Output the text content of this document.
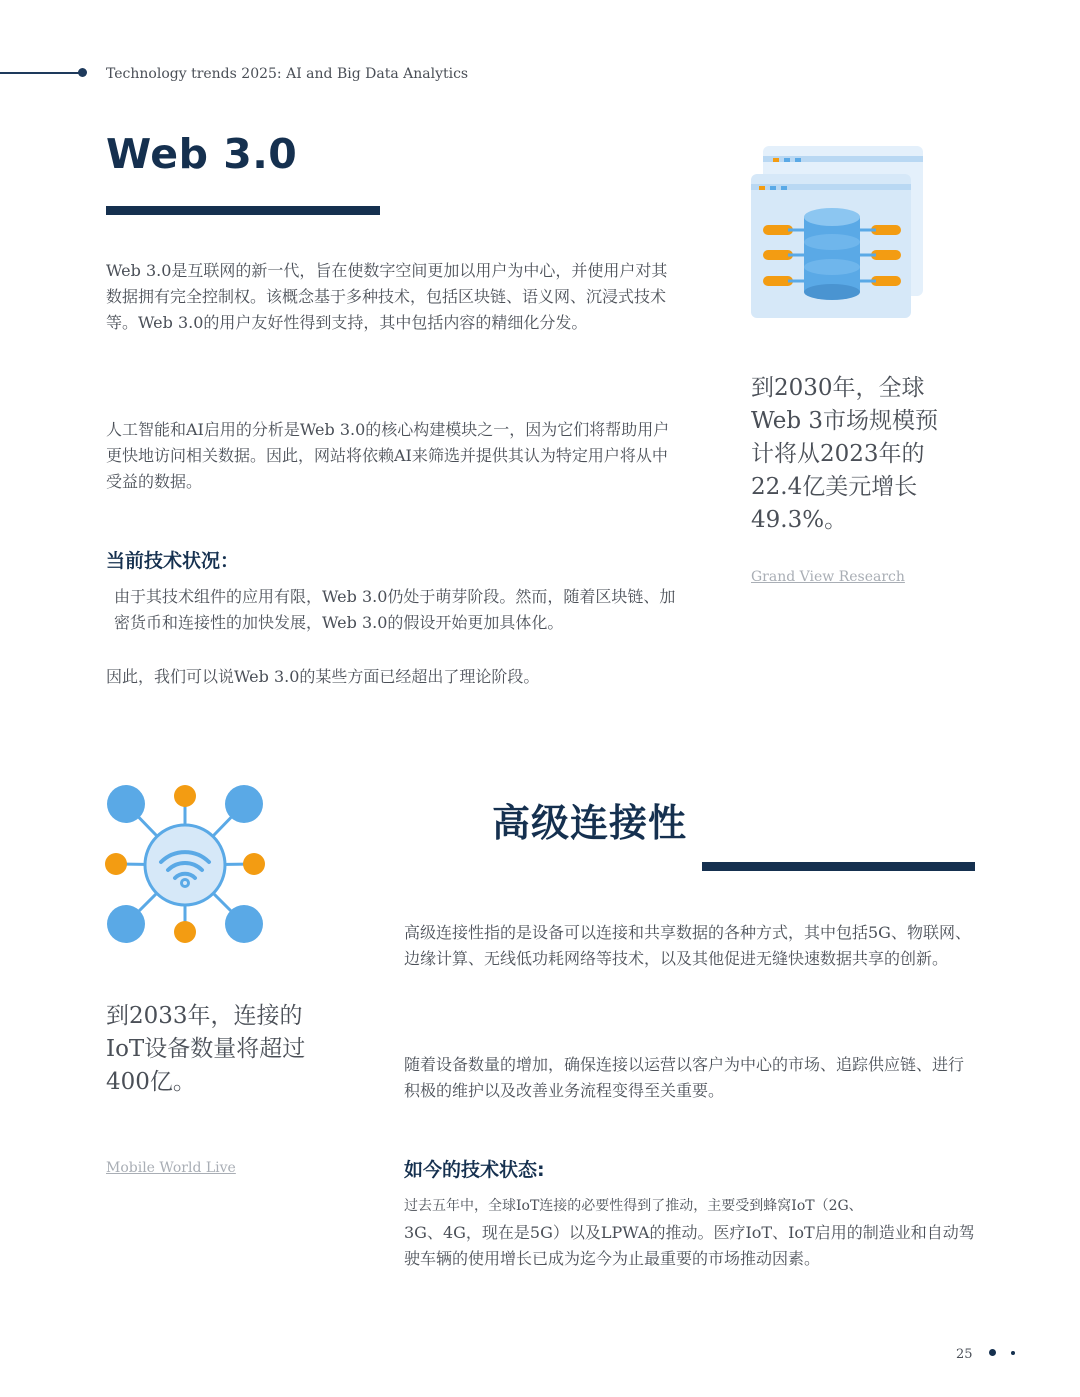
Technology trends 2025: AI and Big Data Analytics
Web 3.0
Web 3.0是互联网的新一代，旨在使数字空间更加以用户为中心，并使用户对其数据拥有完全控制权。该概念基于多种技术，包括区块链、语义网、沉浸式技术等。Web 3.0的用户友好性得到支持，其中包括内容的精细化分发。
人工智能和AI启用的分析是Web 3.0的核心构建模块之一，因为它们将帮助用户更快地访问相关数据。因此，网站将依赖AI来筛选并提供其认为特定用户将从中受益的数据。
当前技术状况：
由于其技术组件的应用有限，Web 3.0仍处于萌芽阶段。然而，随着区块链、加密货币和连接性的加快发展，Web 3.0的假设开始更加具体化。
因此，我们可以说Web 3.0的某些方面已经超出了理论阶段。
到2030年，全球Web 3市场规模预计将从2023年的22.4亿美元增长49.3%。
Grand View Research
高级连接性
到2033年，连接的IoT设备数量将超过400亿。
Mobile World Live
高级连接性指的是设备可以连接和共享数据的各种方式，其中包括5G、物联网、边缘计算、无线低功耗网络等技术，以及其他促进无缝快速数据共享的创新。
随着设备数量的增加，确保连接以运营以客户为中心的市场、追踪供应链、进行积极的维护以及改善业务流程变得至关重要。
如今的技术状态:
过去五年中，全球IoT连接的必要性得到了推动，主要受到蜂窝IoT（2G、
3G、4G，现在是5G）以及LPWA的推动。医疗IoT、IoT启用的制造业和自动驾驶车辆的使用增长已成为迄今为止最重要的市场推动因素。
25
